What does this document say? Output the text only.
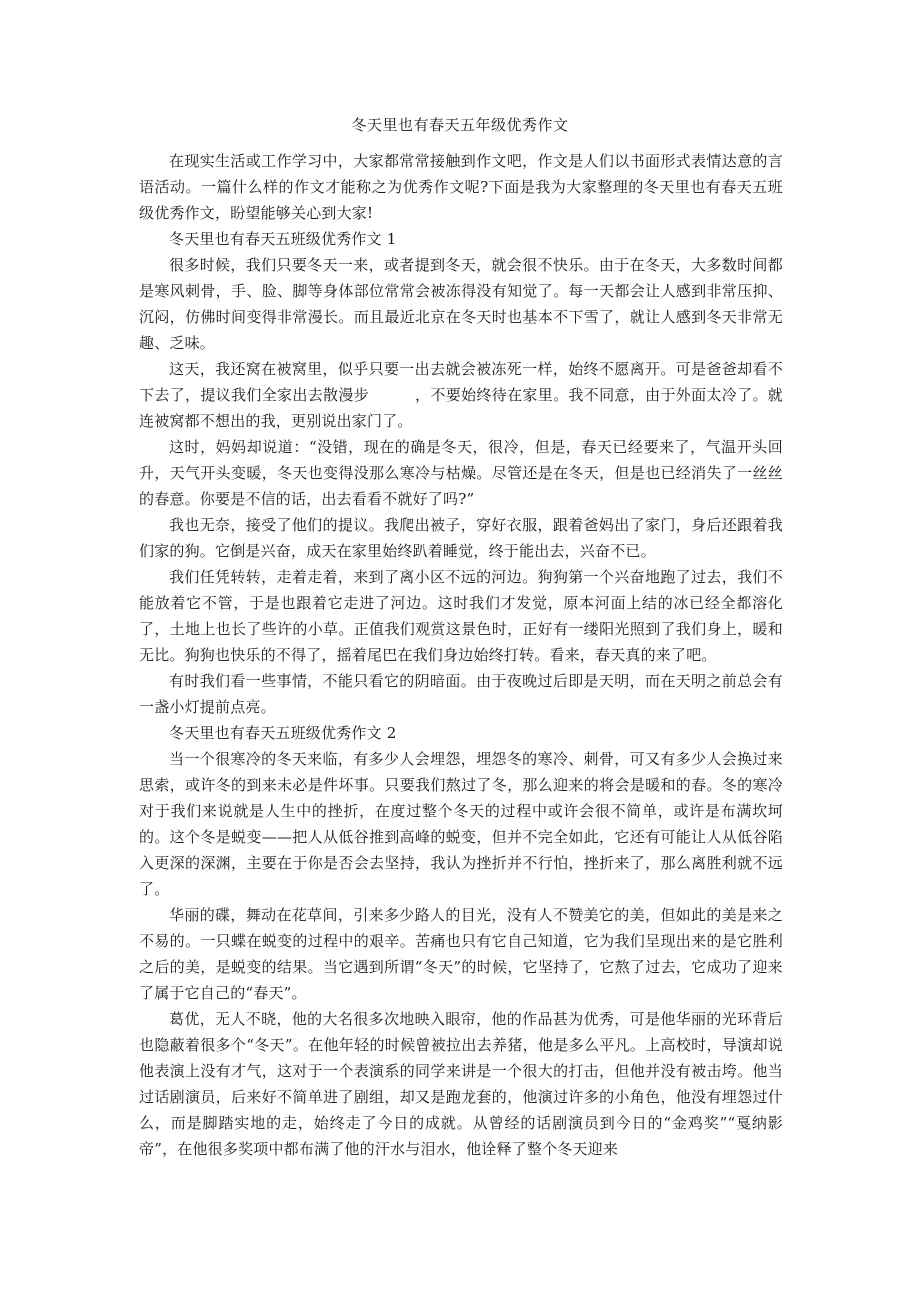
冬天里也有春天五年级优秀作文

在现实生活或工作学习中，大家都常常接触到作文吧，作文是人们以书面形式表情达意的言语活动。一篇什么样的作文才能称之为优秀作文呢?下面是我为大家整理的冬天里也有春天五班级优秀作文，盼望能够关心到大家!

冬天里也有春天五班级优秀作文 1

很多时候，我们只要冬天一来，或者提到冬天，就会很不快乐。由于在冬天，大多数时间都是寒风刺骨，手、脸、脚等身体部位常常会被冻得没有知觉了。每一天都会让人感到非常压抑、沉闷，仿佛时间变得非常漫长。而且最近北京在冬天时也基本不下雪了，就让人感到冬天非常无趣、乏味。

这天，我还窝在被窝里，似乎只要一出去就会被冻死一样，始终不愿离开。可是爸爸却看不下去了，提议我们全家出去散漫步　　　，不要始终待在家里。我不同意，由于外面太冷了。就连被窝都不想出的我，更别说出家门了。

这时，妈妈却说道：“没错，现在的确是冬天，很冷，但是，春天已经要来了，气温开头回升，天气开头变暖，冬天也变得没那么寒冷与枯燥。尽管还是在冬天，但是也已经消失了一丝丝的春意。你要是不信的话，出去看看不就好了吗?”

我也无奈，接受了他们的提议。我爬出被子，穿好衣服，跟着爸妈出了家门，身后还跟着我们家的狗。它倒是兴奋，成天在家里始终趴着睡觉，终于能出去，兴奋不已。

我们任凭转转，走着走着，来到了离小区不远的河边。狗狗第一个兴奋地跑了过去，我们不能放着它不管，于是也跟着它走进了河边。这时我们才发觉，原本河面上结的冰已经全都溶化了，土地上也长了些许的小草。正值我们观赏这景色时，正好有一缕阳光照到了我们身上，暖和无比。狗狗也快乐的不得了，摇着尾巴在我们身边始终打转。看来，春天真的来了吧。

有时我们看一些事情，不能只看它的阴暗面。由于夜晚过后即是天明，而在天明之前总会有一盏小灯提前点亮。

冬天里也有春天五班级优秀作文 2

当一个很寒冷的冬天来临，有多少人会埋怨，埋怨冬的寒冷、刺骨，可又有多少人会换过来思索，或许冬的到来未必是件坏事。只要我们熬过了冬，那么迎来的将会是暖和的春。冬的寒冷对于我们来说就是人生中的挫折，在度过整个冬天的过程中或许会很不简单，或许是布满坎坷的。这个冬是蜕变——把人从低谷推到高峰的蜕变，但并不完全如此，它还有可能让人从低谷陷入更深的深渊，主要在于你是否会去坚持，我认为挫折并不行怕，挫折来了，那么离胜利就不远了。

华丽的碟，舞动在花草间，引来多少路人的目光，没有人不赞美它的美，但如此的美是来之不易的。一只蝶在蜕变的过程中的艰辛。苦痛也只有它自己知道，它为我们呈现出来的是它胜利之后的美，是蜕变的结果。当它遇到所谓“冬天”的时候，它坚持了，它熬了过去，它成功了迎来了属于它自己的“春天”。

葛优，无人不晓，他的大名很多次地映入眼帘，他的作品甚为优秀，可是他华丽的光环背后也隐蔽着很多个“冬天”。在他年轻的时候曾被拉出去养猪，他是多么平凡。上高校时，导演却说他表演上没有才气，这对于一个表演系的同学来讲是一个很大的打击，但他并没有被击垮。他当过话剧演员，后来好不简单进了剧组，却又是跑龙套的，他演过许多的小角色，他没有埋怨过什么，而是脚踏实地的走，始终走了今日的成就。从曾经的话剧演员到今日的“金鸡奖”“戛纳影帝”，在他很多奖项中都布满了他的汗水与泪水，他诠释了整个冬天迎来
